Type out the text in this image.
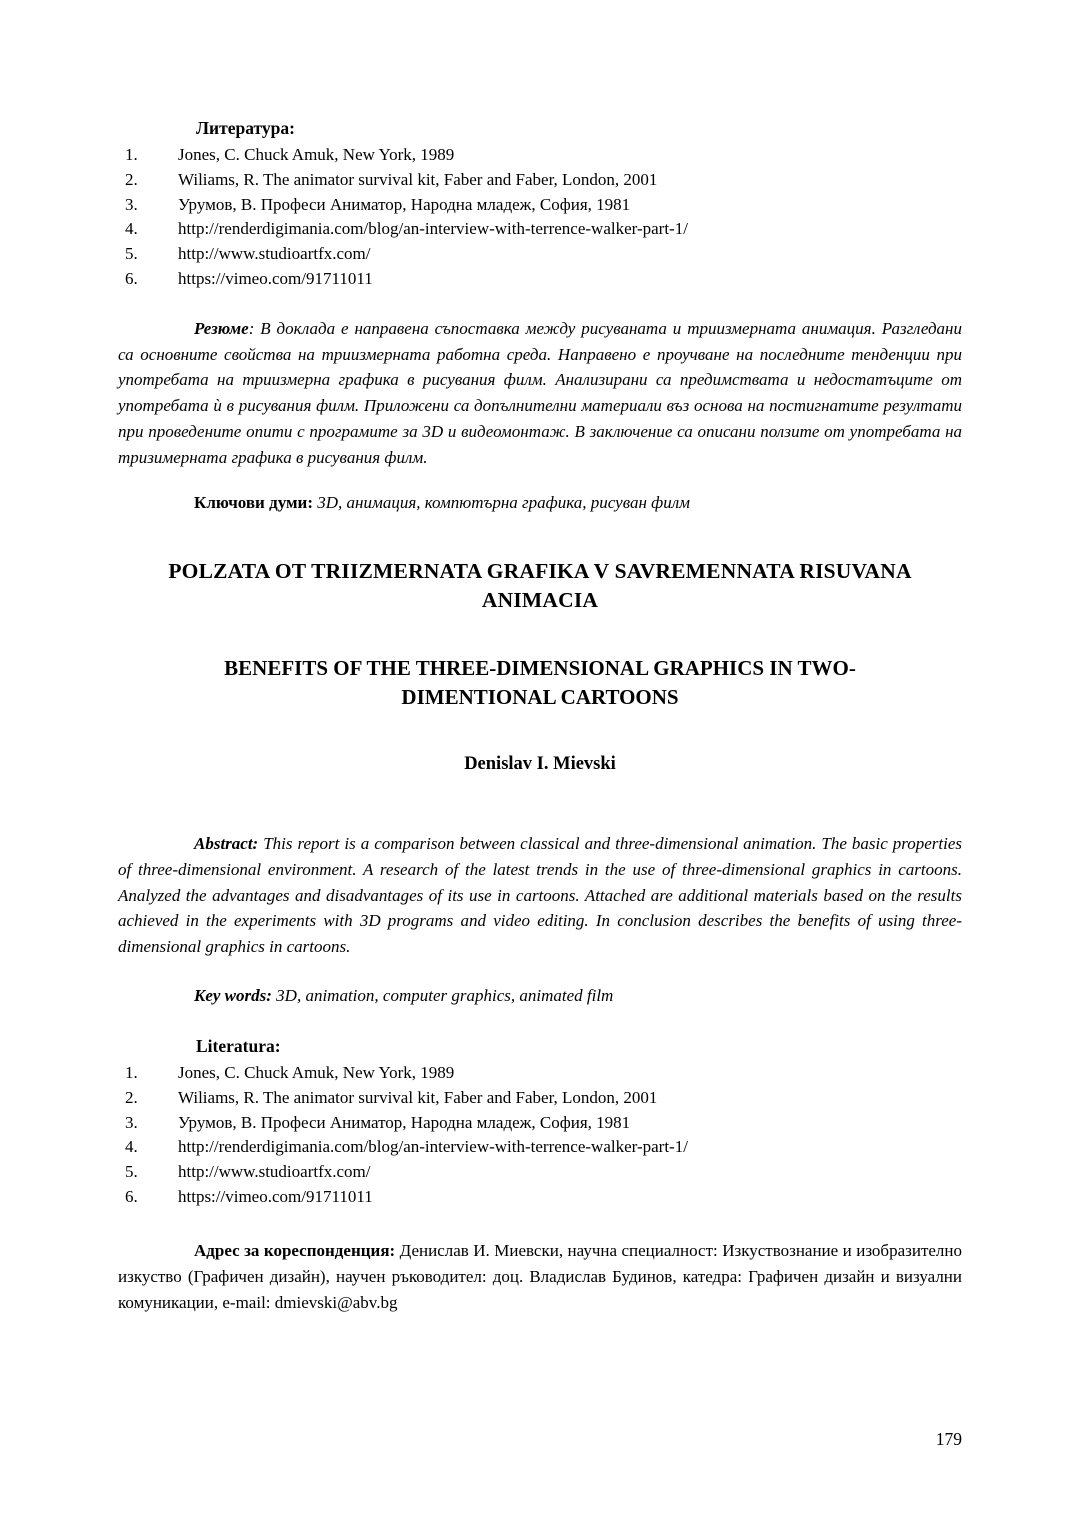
Литература:
1.	Jones, C. Chuck Amuk, New York, 1989
2.	Wiliams, R. The animator survival kit, Faber and Faber, London, 2001
3.	Урумов, В. Професи Аниматор, Народна младеж, София, 1981
4.	http://renderdigimania.com/blog/an-interview-with-terrence-walker-part-1/
5.	http://www.studioartfx.com/
6.	https://vimeo.com/91711011

Резюме: В доклада е направена съпоставка между рисуваната и триизмерната анимация. Разгледани са основните свойства на триизмерната работна среда. Направено е проучване на последните тенденции при употребата на триизмерна графика в рисувания филм. Анализирани са предимствата и недостатъците от употребата ѝ в рисувания филм. Приложени са допълнителни материали въз основа на постигнатите резултати при проведените опити с програмите за 3D и видеомонтаж. В заключение са описани ползите от употребата на тризимерната графика в рисувания филм.

Ключови думи: 3D, анимация, компютърна графика, рисуван филм

POLZATA OT TRIIZMERNATA GRAFIKA V SAVREMENNATA RISUVANA ANIMACIA
BENEFITS OF THE THREE-DIMENSIONAL GRAPHICS IN TWO- DIMENTIONAL CARTOONS
Denislav I. Mievski

Abstract: This report is a comparison between classical and three-dimensional animation. The basic properties of three-dimensional environment. A research of the latest trends in the use of three-dimensional graphics in cartoons. Analyzed the advantages and disadvantages of its use in cartoons. Attached are additional materials based on the results achieved in the experiments with 3D programs and video editing. In conclusion describes the benefits of using three-dimensional graphics in cartoons.

Key words: 3D, animation, computer graphics, animated film

Literatura:
1.	Jones, C. Chuck Amuk, New York, 1989
2.	Wiliams, R. The animator survival kit, Faber and Faber, London, 2001
3.	Урумов, В. Професи Аниматор, Народна младеж, София, 1981
4.	http://renderdigimania.com/blog/an-interview-with-terrence-walker-part-1/
5.	http://www.studioartfx.com/
6.	https://vimeo.com/91711011

Адрес за кореспонденция: Денислав И. Миевски, научна специалност: Изкуствознание и изобразително изкуство (Графичен дизайн), научен ръководител: доц. Владислав Будинов, катедра: Графичен дизайн и визуални комуникации, e-mail: dmievski@abv.bg

179
